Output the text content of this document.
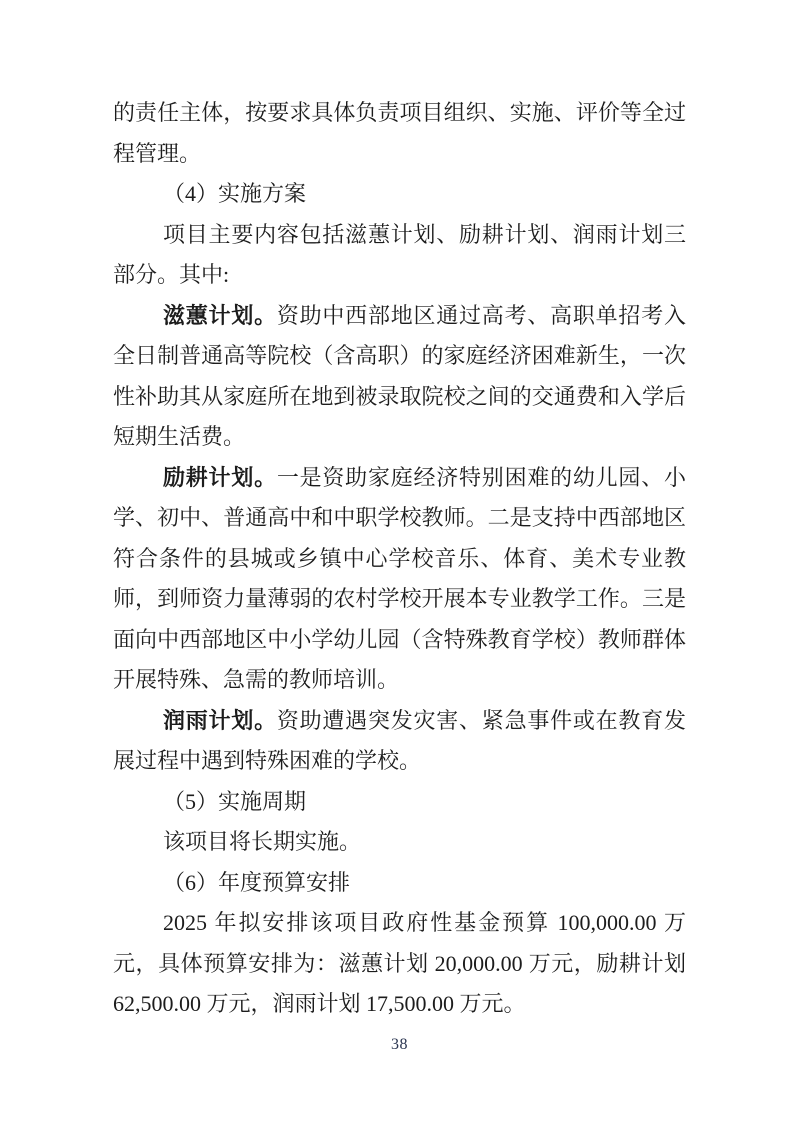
的责任主体，按要求具体负责项目组织、实施、评价等全过程管理。

（4）实施方案

项目主要内容包括滋蕙计划、励耕计划、润雨计划三部分。其中:

滋蕙计划。资助中西部地区通过高考、高职单招考入全日制普通高等院校（含高职）的家庭经济困难新生，一次性补助其从家庭所在地到被录取院校之间的交通费和入学后短期生活费。

励耕计划。一是资助家庭经济特别困难的幼儿园、小学、初中、普通高中和中职学校教师。二是支持中西部地区符合条件的县城或乡镇中心学校音乐、体育、美术专业教师，到师资力量薄弱的农村学校开展本专业教学工作。三是面向中西部地区中小学幼儿园（含特殊教育学校）教师群体开展特殊、急需的教师培训。

润雨计划。资助遭遇突发灾害、紧急事件或在教育发展过程中遇到特殊困难的学校。

（5）实施周期

该项目将长期实施。

（6）年度预算安排

2025 年拟安排该项目政府性基金预算 100,000.00 万元，具体预算安排为：滋蕙计划 20,000.00 万元，励耕计划 62,500.00 万元，润雨计划 17,500.00 万元。

38
